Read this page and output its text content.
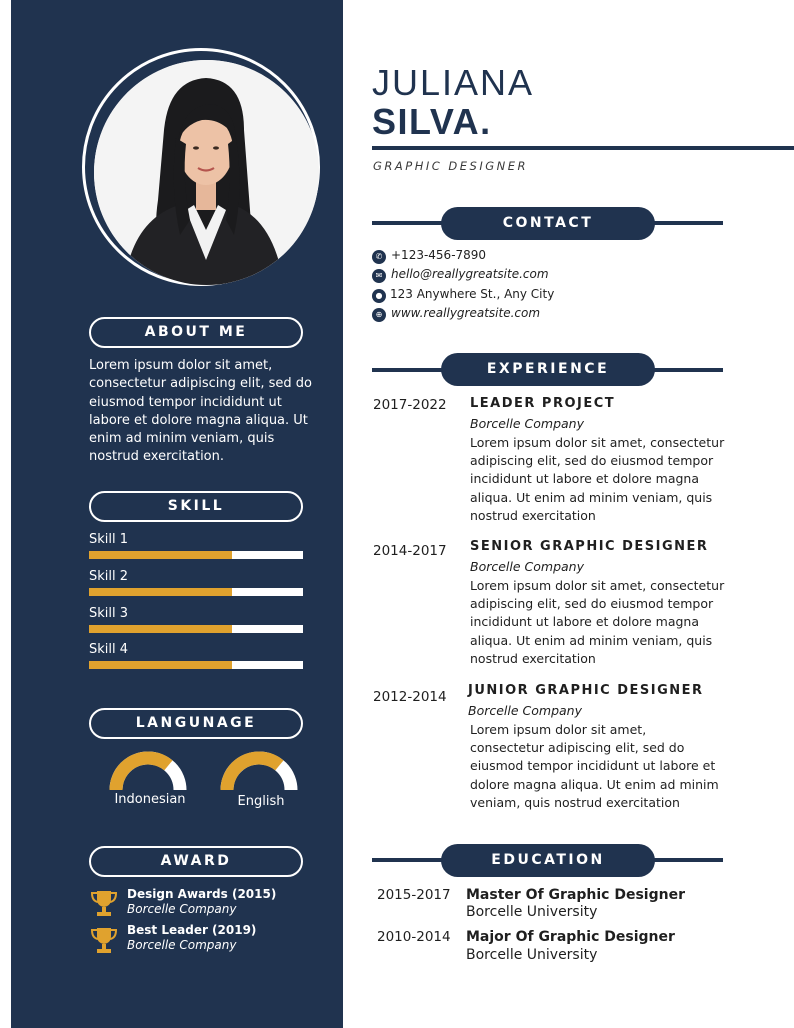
ABOUT ME
Lorem ipsum dolor sit amet,
consectetur adipiscing elit, sed do
eiusmod tempor incididunt ut
labore et dolore magna aliqua. Ut
enim ad minim veniam, quis
nostrud exercitation.
SKILL
Skill 1
Skill 2
Skill 3
Skill 4
LANGUNAGE
Indonesian	English
AWARD
Design Awards (2015)
Borcelle Company
Best Leader (2019)
Borcelle Company
JULIANA
SILVA.
GRAPHIC DESIGNER
CONTACT
✆ +123-456-7890
✉ hello@reallygreatsite.com
● 123 Anywhere St., Any City
⊕ www.reallygreatsite.com
EXPERIENCE
2017-2022 LEADER PROJECT
Borcelle Company
Lorem ipsum dolor sit amet, consectetur
adipiscing elit, sed do eiusmod tempor
incididunt ut labore et dolore magna
aliqua. Ut enim ad minim veniam, quis
nostrud exercitation
2014-2017 SENIOR GRAPHIC DESIGNER
Borcelle Company
Lorem ipsum dolor sit amet, consectetur
adipiscing elit, sed do eiusmod tempor
incididunt ut labore et dolore magna
aliqua. Ut enim ad minim veniam, quis
nostrud exercitation
2012-2014 JUNIOR GRAPHIC DESIGNER
Borcelle Company
Lorem ipsum dolor sit amet,
consectetur adipiscing elit, sed do
eiusmod tempor incididunt ut labore et
dolore magna aliqua. Ut enim ad minim
veniam, quis nostrud exercitation
EDUCATION
2015-2017 Master Of Graphic Designer
Borcelle University
2010-2014 Major Of Graphic Designer
Borcelle University
